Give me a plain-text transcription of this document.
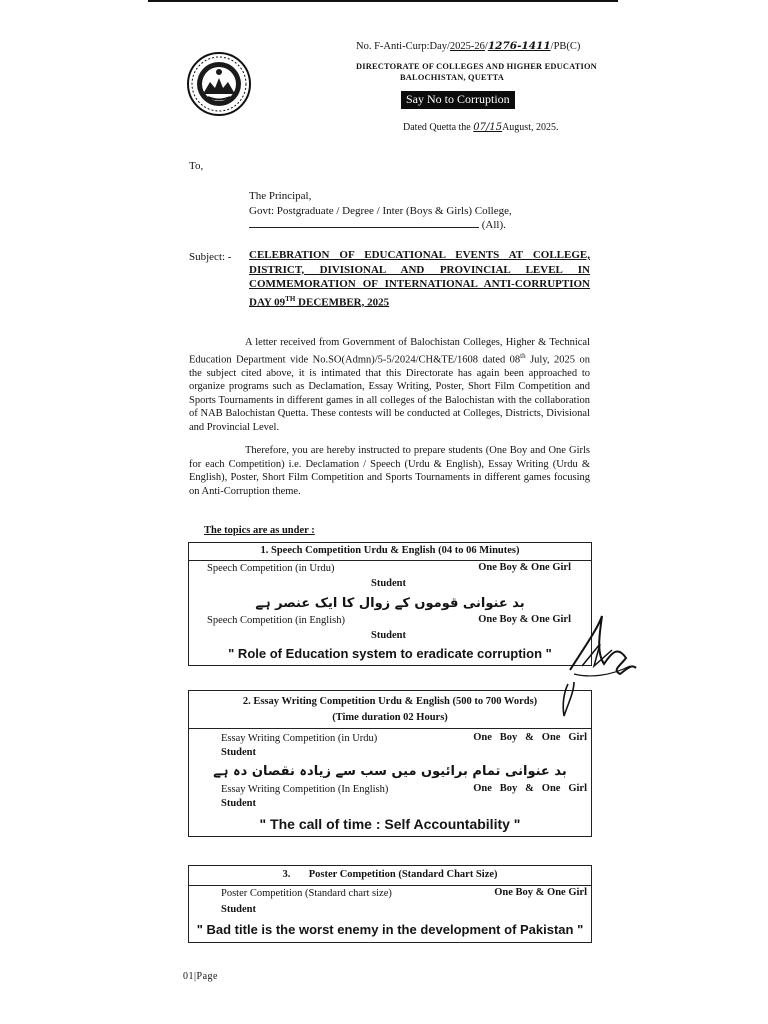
No. F-Anti-Curp:Day/2025-26/1276-1411/PB(C)
DIRECTORATE OF COLLEGES AND HIGHER EDUCATION
BALOCHISTAN, QUETTA
Say No to Corruption
Dated Quetta the 07/15August, 2025.
To,
The Principal,
Govt: Postgraduate / Degree / Inter (Boys & Girls) College,
(All).
Subject: - CELEBRATION OF EDUCATIONAL EVENTS AT COLLEGE,
DISTRICT, DIVISIONAL AND PROVINCIAL LEVEL IN
COMMEMORATION OF INTERNATIONAL ANTI-CORRUPTION
DAY 09TH DECEMBER, 2025
A letter received from Government of Balochistan Colleges, Higher & Technical Education Department vide No.SO(Admn)/5-5/2024/CH&TE/1608 dated 08th July, 2025 on the subject cited above, it is intimated that this Directorate has again been approached to organize programs such as Declamation, Essay Writing, Poster, Short Film Competition and Sports Tournaments in different games in all colleges of the Balochistan with the collaboration of NAB Balochistan Quetta. These contests will be conducted at Colleges, Districts, Divisional and Provincial Level.
Therefore, you are hereby instructed to prepare students (One Boy and One Girls for each Competition) i.e. Declamation / Speech (Urdu & English), Essay Writing (Urdu & English), Poster, Short Film Competition and Sports Tournaments in different games focusing on Anti-Corruption theme.
The topics are as under :
1. Speech Competition Urdu & English (04 to 06 Minutes)
Speech Competition (in Urdu)	One Boy & One Girl
Student
بد عنوانی قوموں کے زوال کا ایک عنصر ہے
Speech Competition (in English)	One Boy & One Girl
Student
" Role of Education system to eradicate corruption "
2. Essay Writing Competition Urdu & English (500 to 700 Words)
(Time duration 02 Hours)
Essay Writing Competition (in Urdu)	One   Boy   &   One   Girl
Student
بد عنوانی تمام برائیوں میں سب سے زیادہ نقصان دہ ہے
Essay Writing Competition (In English)	One   Boy   &   One   Girl
Student
" The call of time : Self Accountability "
3.       Poster Competition (Standard Chart Size)
Poster Competition (Standard chart size)	One Boy & One Girl
Student
" Bad title is the worst enemy in the development of Pakistan "
01|Page
